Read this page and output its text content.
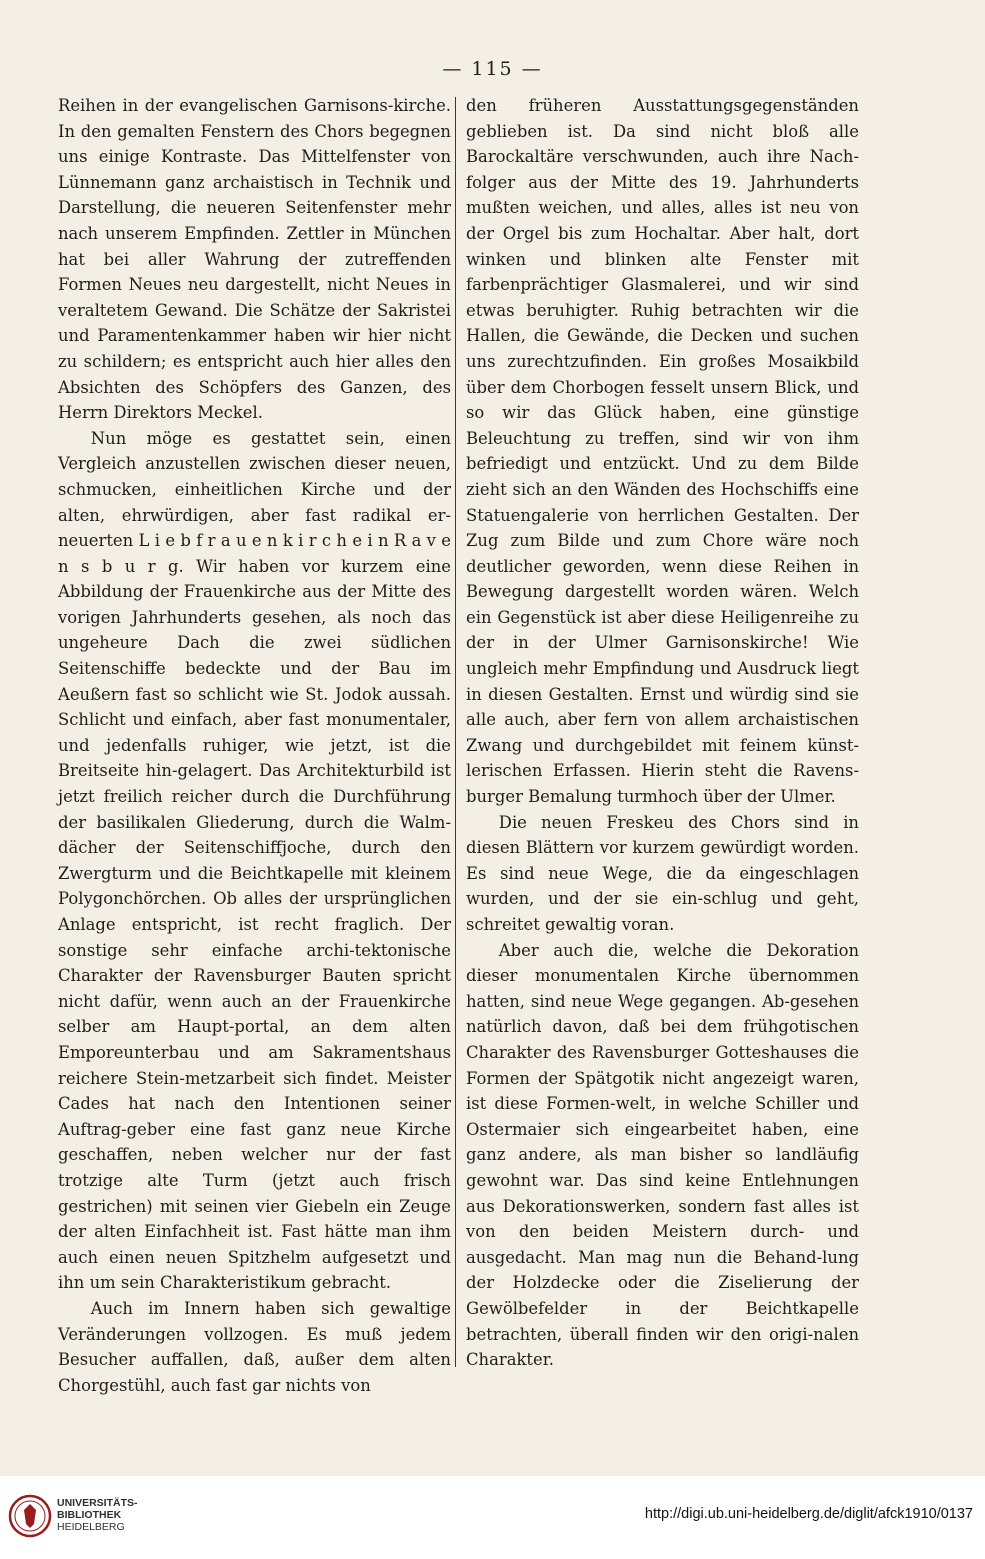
— 115 —

Reihen in der evangelischen Garnisons-kirche. In den gemalten Fenstern des Chors begegnen uns einige Kontraste. Das Mittelfenster von Lünnemann ganz archaistisch in Technik und Darstellung, die neueren Seitenfenster mehr nach unserem Empfinden. Zettler in München hat bei aller Wahrung der zutreffenden Formen Neues neu dargestellt, nicht Neues in veraltetem Gewand. Die Schätze der Sakristei und Paramentenkammer haben wir hier nicht zu schildern; es entspricht auch hier alles den Absichten des Schöpfers des Ganzen, des Herrn Direktors Meckel.

Nun möge es gestattet sein, einen Vergleich anzustellen zwischen dieser neuen, schmucken, einheitlichen Kirche und der alten, ehrwürdigen, aber fast radikal er-neuerten L i e b f r a u e n k i r c h e i n R a v e n s b u r g. Wir haben vor kurzem eine Abbildung der Frauenkirche aus der Mitte des vorigen Jahrhunderts gesehen, als noch das ungeheure Dach die zwei südlichen Seitenschiffe bedeckte und der Bau im Aeußern fast so schlicht wie St. Jodok aussah. Schlicht und einfach, aber fast monumentaler, und jedenfalls ruhiger, wie jetzt, ist die Breitseite hin-gelagert. Das Architekturbild ist jetzt freilich reicher durch die Durchführung der basilikalen Gliederung, durch die Walm-dächer der Seitenschiffjoche, durch den Zwergturm und die Beichtkapelle mit kleinem Polygonchörchen. Ob alles der ursprünglichen Anlage entspricht, ist recht fraglich. Der sonstige sehr einfache archi-tektonische Charakter der Ravensburger Bauten spricht nicht dafür, wenn auch an der Frauenkirche selber am Haupt-portal, an dem alten Emporeunterbau und am Sakramentshaus reichere Stein-metzarbeit sich findet. Meister Cades hat nach den Intentionen seiner Auftrag-geber eine fast ganz neue Kirche geschaffen, neben welcher nur der fast trotzige alte Turm (jetzt auch frisch gestrichen) mit seinen vier Giebeln ein Zeuge der alten Einfachheit ist. Fast hätte man ihm auch einen neuen Spitzhelm aufgesetzt und ihn um sein Charakteristikum gebracht.

Auch im Innern haben sich gewaltige Veränderungen vollzogen. Es muß jedem Besucher auffallen, daß, außer dem alten Chorgestühl, auch fast gar nichts von

den früheren Ausstattungsgegenständen geblieben ist. Da sind nicht bloß alle Barockaltäre verschwunden, auch ihre Nach-folger aus der Mitte des 19. Jahrhunderts mußten weichen, und alles, alles ist neu von der Orgel bis zum Hochaltar. Aber halt, dort winken und blinken alte Fenster mit farbenprächtiger Glasmalerei, und wir sind etwas beruhigter. Ruhig betrachten wir die Hallen, die Gewände, die Decken und suchen uns zurechtzufinden. Ein großes Mosaikbild über dem Chorbogen fesselt unsern Blick, und so wir das Glück haben, eine günstige Beleuchtung zu treffen, sind wir von ihm befriedigt und entzückt. Und zu dem Bilde zieht sich an den Wänden des Hochschiffs eine Statuengalerie von herrlichen Gestalten. Der Zug zum Bilde und zum Chore wäre noch deutlicher geworden, wenn diese Reihen in Bewegung dargestellt worden wären. Welch ein Gegenstück ist aber diese Heiligenreihe zu der in der Ulmer Garnisonskirche! Wie ungleich mehr Empfindung und Ausdruck liegt in diesen Gestalten. Ernst und würdig sind sie alle auch, aber fern von allem archaistischen Zwang und durchgebildet mit feinem künst-lerischen Erfassen. Hierin steht die Ravens-burger Bemalung turmhoch über der Ulmer.

Die neuen Freskeu des Chors sind in diesen Blättern vor kurzem gewürdigt worden. Es sind neue Wege, die da eingeschlagen wurden, und der sie ein-schlug und geht, schreitet gewaltig voran.

Aber auch die, welche die Dekoration dieser monumentalen Kirche übernommen hatten, sind neue Wege gegangen. Ab-gesehen natürlich davon, daß bei dem frühgotischen Charakter des Ravensburger Gotteshauses die Formen der Spätgotik nicht angezeigt waren, ist diese Formen-welt, in welche Schiller und Ostermaier sich eingearbeitet haben, eine ganz andere, als man bisher so landläufig gewohnt war. Das sind keine Entlehnungen aus Dekorationswerken, sondern fast alles ist von den beiden Meistern durch- und ausgedacht. Man mag nun die Behand-lung der Holzdecke oder die Ziselierung der Gewölbefelder in der Beichtkapelle betrachten, überall finden wir den origi-nalen Charakter.

UNIVERSITÄTS-
BIBLIOTHEK
HEIDELBERG
http://digi.ub.uni-heidelberg.de/diglit/afck1910/0137
